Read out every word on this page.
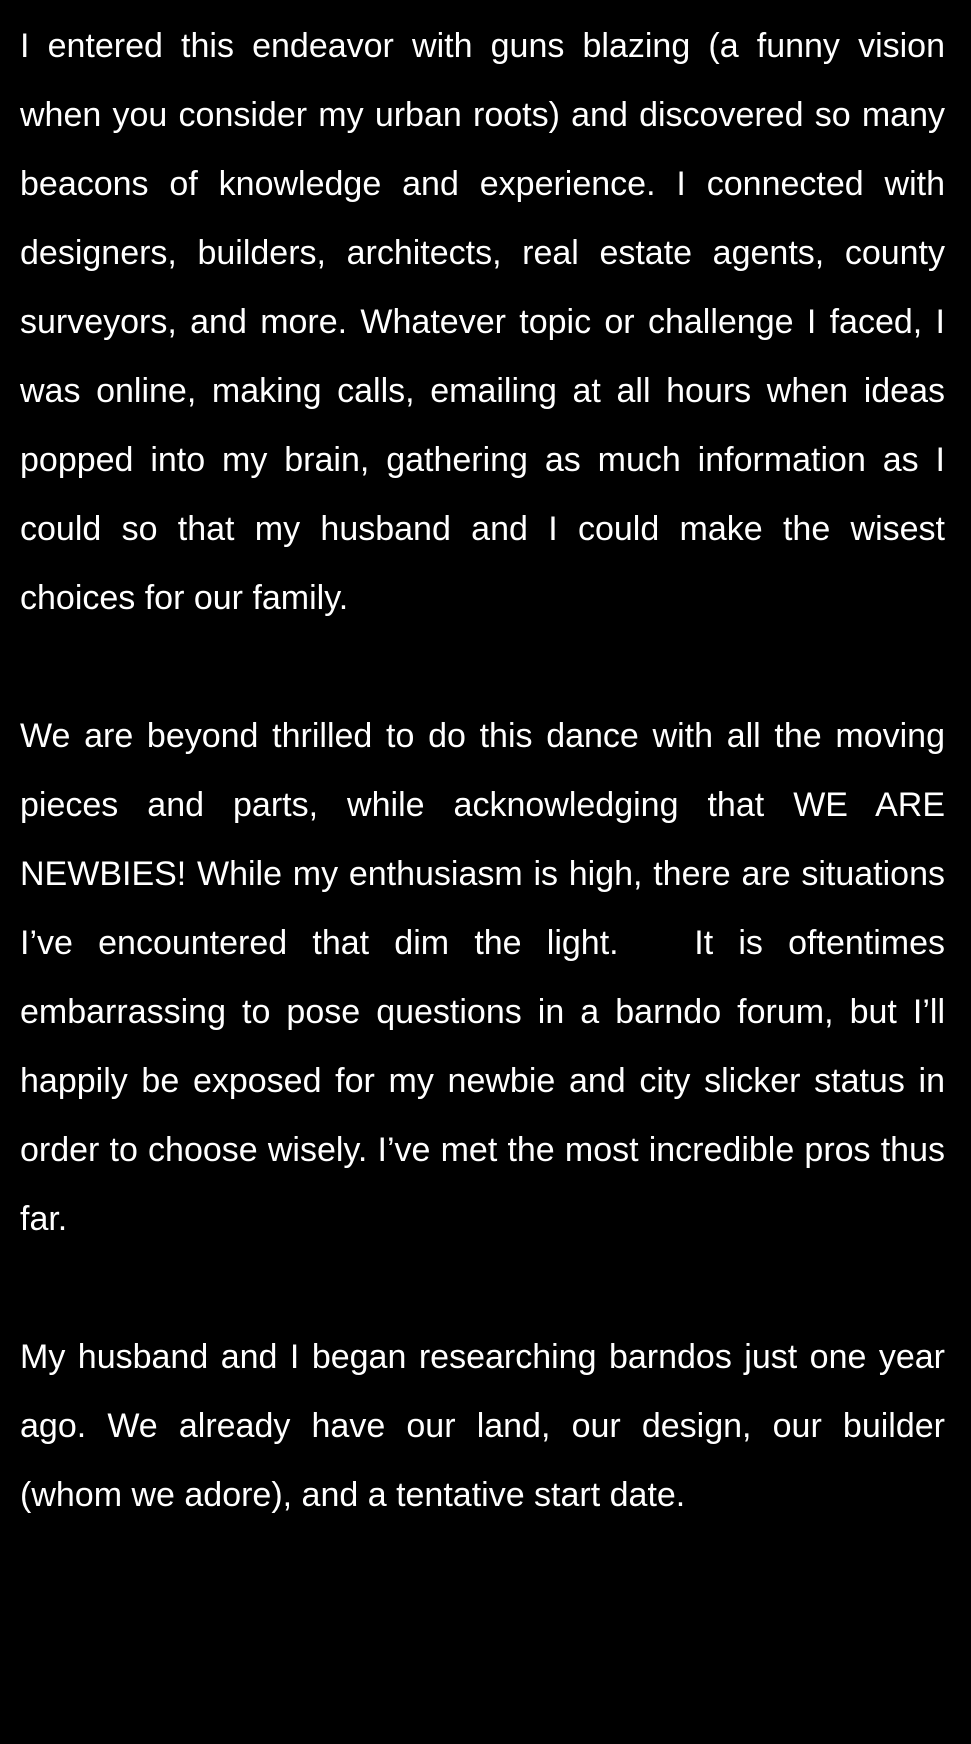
I entered this endeavor with guns blazing (a funny vision when you consider my urban roots) and discovered so many beacons of knowledge and experience. I connected with designers, builders, architects, real estate agents, county surveyors, and more. Whatever topic or challenge I faced, I was online, making calls, emailing at all hours when ideas popped into my brain, gathering as much information as I could so that my husband and I could make the wisest choices for our family.

We are beyond thrilled to do this dance with all the moving pieces and parts, while acknowledging that WE ARE NEWBIES! While my enthusiasm is high, there are situations I’ve encountered that dim the light.   It is oftentimes embarrassing to pose questions in a barndo forum, but I’ll happily be exposed for my newbie and city slicker status in order to choose wisely. I’ve met the most incredible pros thus far.

My husband and I began researching barndos just one year ago. We already have our land, our design, our builder (whom we adore), and a tentative start date.
